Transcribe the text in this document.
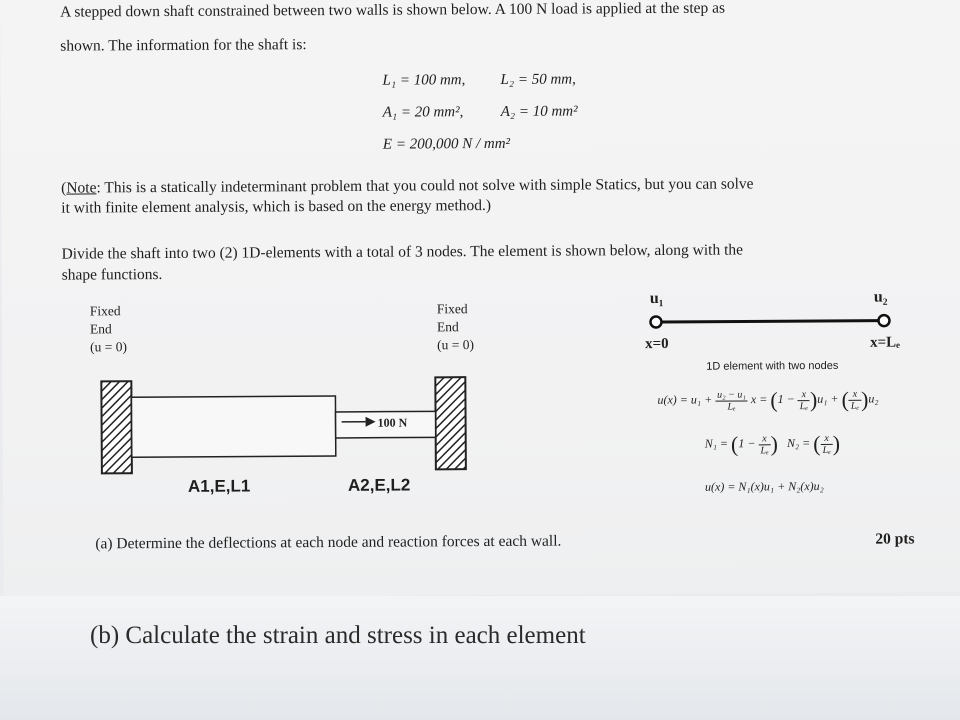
A stepped down shaft constrained between two walls is shown below. A 100 N load is applied at the step as
shown. The information for the shaft is:
L₁ = 100 mm, L₂ = 50 mm,
A₁ = 20 mm², A₂ = 10 mm²
E = 200,000 N / mm²
(Note: This is a statically indeterminant problem that you could not solve with simple Statics, but you can solve
it with finite element analysis, which is based on the energy method.)
Divide the shaft into two (2) 1D-elements with a total of 3 nodes. The element is shown below, along with the
shape functions.
Fixed
End
(u = 0)
Fixed
End
(u = 0)
100 N
A1,E,L1	A2,E,L2
u₁	u₂
x=0	x=Lₑ
1D element with two nodes
$u(x) = u_1 + \frac{\text{u₂ − u₁}}{\text{Lₑ}}$ $x = (1 - \frac{x}{\text{Lₑ}} )u_1$ + ( $\frac{x}{\text{Lₑ}} )u_2$
$N_1 = (1 - \frac{x}{\text{Lₑ}}$ ) N₂ = ( $\frac{x}{\text{Lₑ}}$ )
u(x) = N₁(x)u₁ + N₂(x)u₂
(a) Determine the deflections at each node and reaction forces at each wall.	20 pts
(b) Calculate the strain and stress in each element
